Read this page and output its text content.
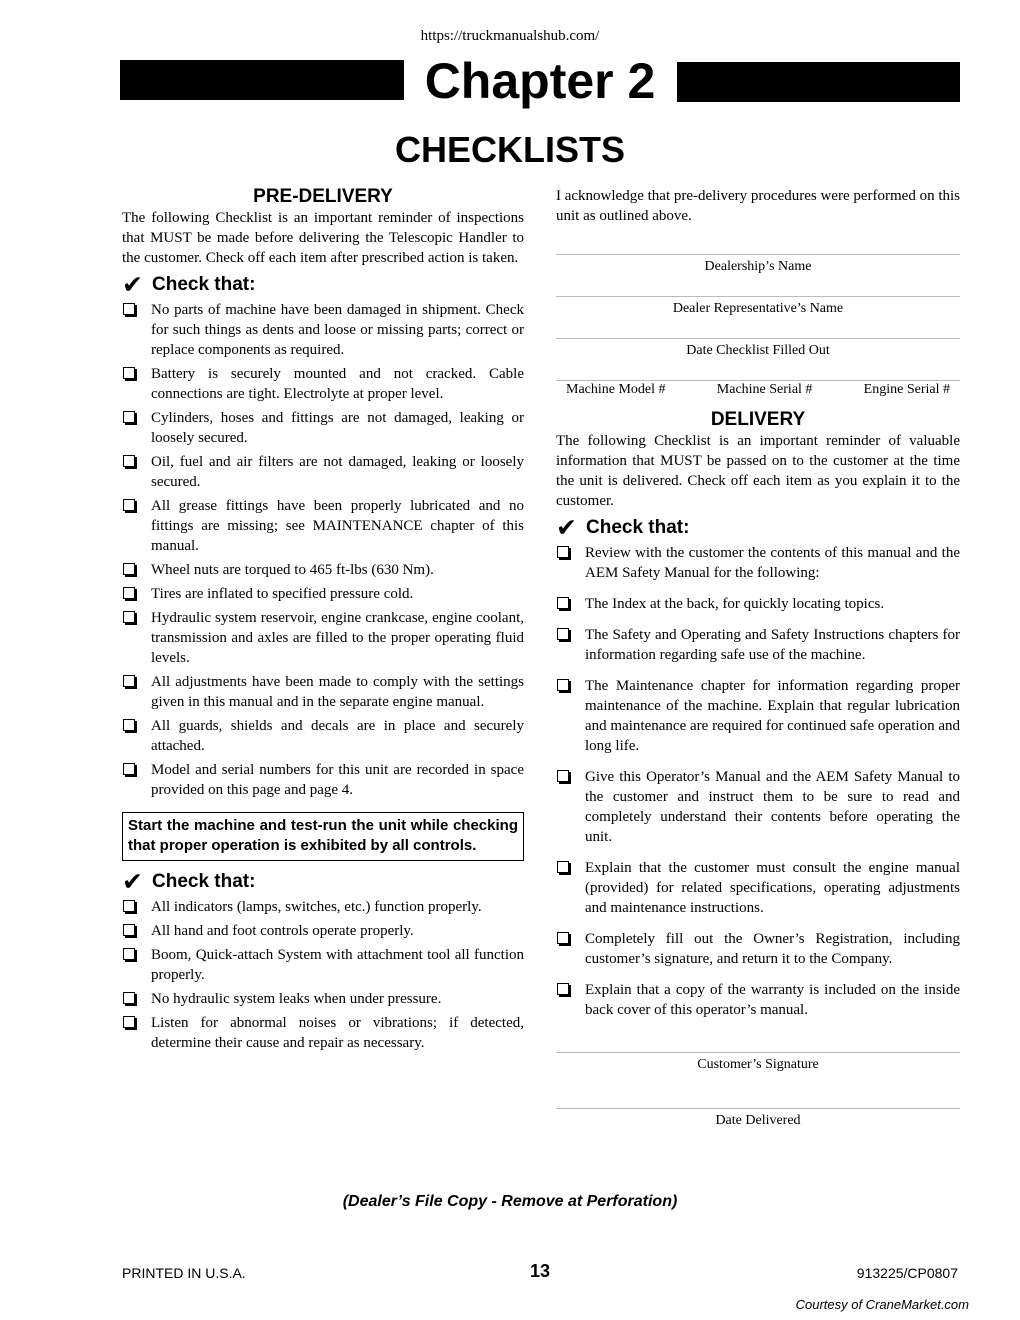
https://truckmanualshub.com/
Chapter 2
CHECKLISTS
PRE-DELIVERY

The following Checklist is an important reminder of inspections that MUST be made before delivering the Telescopic Handler to the customer. Check off each item after prescribed action is taken.

✔ Check that:
No parts of machine have been damaged in shipment. Check for such things as dents and loose or missing parts; correct or replace components as required.
Battery is securely mounted and not cracked. Cable connections are tight. Electrolyte at proper level.
Cylinders, hoses and fittings are not damaged, leaking or loosely secured.
Oil, fuel and air filters are not damaged, leaking or loosely secured.
All grease fittings have been properly lubricated and no fittings are missing; see MAINTENANCE chapter of this manual.
Wheel nuts are torqued to 465 ft-lbs (630 Nm).
Tires are inflated to specified pressure cold.
Hydraulic system reservoir, engine crankcase, engine coolant, transmission and axles are filled to the proper operating fluid levels.
All adjustments have been made to comply with the settings given in this manual and in the separate engine manual.
All guards, shields and decals are in place and securely attached.
Model and serial numbers for this unit are recorded in space provided on this page and page 4.
Start the machine and test-run the unit while checking that proper operation is exhibited by all controls.
✔ Check that:
All indicators (lamps, switches, etc.) function properly.
All hand and foot controls operate properly.
Boom, Quick-attach System with attachment tool all function properly.
No hydraulic system leaks when under pressure.
Listen for abnormal noises or vibrations; if detected, determine their cause and repair as necessary.

I acknowledge that pre-delivery procedures were performed on this unit as outlined above.

Dealership’s Name
Dealer Representative’s Name
Date Checklist Filled Out
Machine Model #	Machine Serial #	Engine Serial #
DELIVERY

The following Checklist is an important reminder of valuable information that MUST be passed on to the customer at the time the unit is delivered. Check off each item as you explain it to the customer.

✔ Check that:
Review with the customer the contents of this manual and the AEM Safety Manual for the following:
The Index at the back, for quickly locating topics.
The Safety and Operating and Safety Instructions chapters for information regarding safe use of the machine.
The Maintenance chapter for information regarding proper maintenance of the machine. Explain that regular lubrication and maintenance are required for continued safe operation and long life.
Give this Operator’s Manual and the AEM Safety Manual to the customer and instruct them to be sure to read and completely understand their contents before operating the unit.
Explain that the customer must consult the engine manual (provided) for related specifications, operating adjustments and maintenance instructions.
Completely fill out the Owner’s Registration, including customer’s signature, and return it to the Company.
Explain that a copy of the warranty is included on the inside back cover of this operator’s manual.
Customer’s Signature
Date Delivered
(Dealer’s File Copy - Remove at Perforation)
PRINTED IN U.S.A.	13	913225/CP0807
Courtesy of CraneMarket.com
